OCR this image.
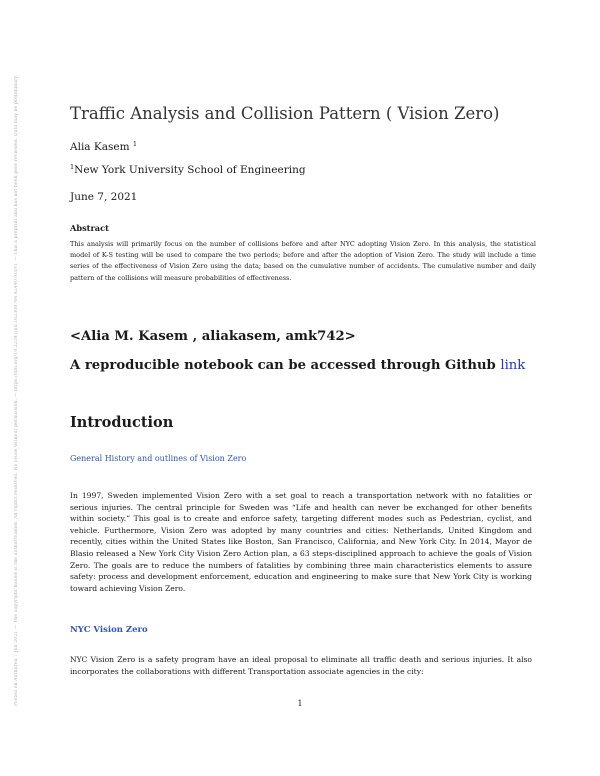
Posted on Authorea 7 Jun 2021 — The copyright holder is the author/funder. All rights reserved. No reuse without permission. — https://doi.org/10.22541/au.162308764.42440703/v1 — This a preprint and has not been peer reviewed. Data may be preliminary.	Traffic Analysis and Collision Pattern ( Vision Zero)
Alia Kasem $^1$
$^1$New York University School of Engineering
June 7, 2021
Abstract
This analysis will primarily focus on the number of collisions before and after NYC adopting Vision Zero. In this analysis, the statistical model of K-S testing will be used to compare the two periods; before and after the adoption of Vision Zero. The study will include a time series of the effectiveness of Vision Zero using the data; based on the cumulative number of accidents. The cumulative number and daily pattern of the collisions will measure probabilities of effectiveness.
<Alia M. Kasem , aliakasem, amk742>
A reproducible notebook can be accessed through Github link
Introduction
General History and outlines of Vision Zero
In 1997, Sweden implemented Vision Zero with a set goal to reach a transportation network with no fatalities or serious injuries. The central principle for Sweden was “Life and health can never be exchanged for other benefits within society.” This goal is to create and enforce safety, targeting different modes such as Pedestrian, cyclist, and vehicle. Furthermore, Vision Zero was adopted by many countries and cities: Netherlands, United Kingdom and recently, cities within the United States like Boston, San Francisco, California, and New York City. In 2014, Mayor de Blasio released a New York City Vision Zero Action plan, a 63 steps-disciplined approach to achieve the goals of Vision Zero. The goals are to reduce the numbers of fatalities by combining three main characteristics elements to assure safety: process and development enforcement, education and engineering to make sure that New York City is working toward achieving Vision Zero.
NYC Vision Zero
NYC Vision Zero is a safety program have an ideal proposal to eliminate all traffic death and serious injuries. It also incorporates the collaborations with different Transportation associate agencies in the city:
1
